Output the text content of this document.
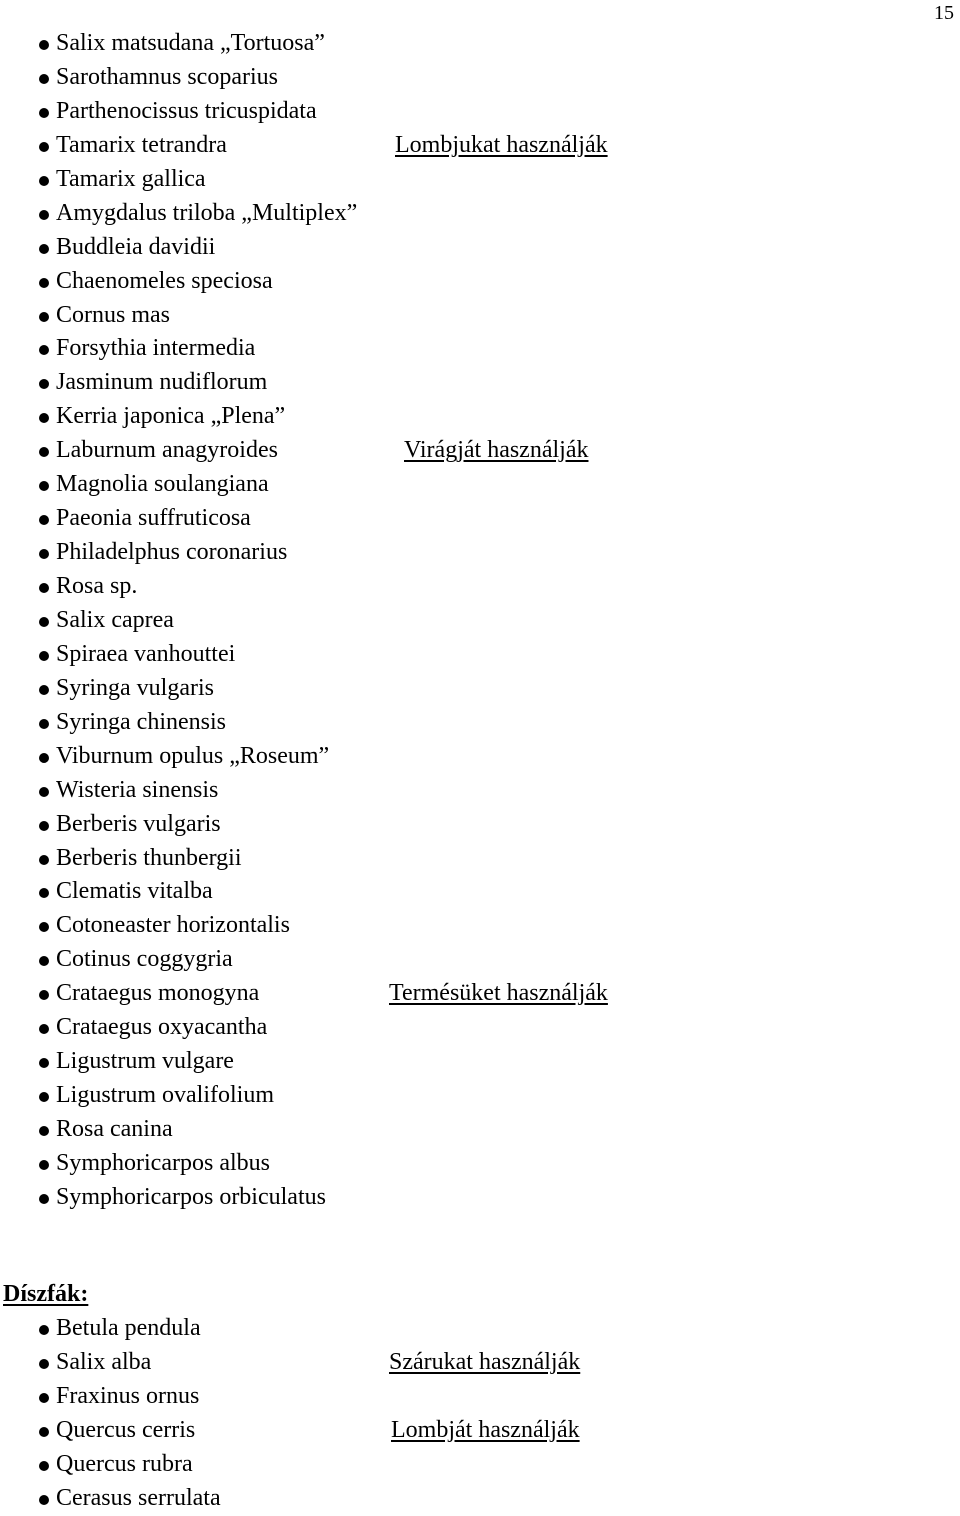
15
Salix matsudana „Tortuosa”
Sarothamnus scoparius
Parthenocissus tricuspidata
Tamarix tetrandra	Lombjukat használják
Tamarix gallica
Amygdalus triloba „Multiplex”
Buddleia davidii
Chaenomeles speciosa
Cornus mas
Forsythia intermedia
Jasminum nudiflorum
Kerria japonica „Plena”
Laburnum anagyroides	Virágját használják
Magnolia soulangiana
Paeonia suffruticosa
Philadelphus coronarius
Rosa sp.
Salix caprea
Spiraea vanhouttei
Syringa vulgaris
Syringa chinensis
Viburnum opulus „Roseum”
Wisteria sinensis
Berberis vulgaris
Berberis thunbergii
Clematis vitalba
Cotoneaster horizontalis
Cotinus coggygria
Crataegus monogyna	Termésüket használják
Crataegus oxyacantha
Ligustrum vulgare
Ligustrum ovalifolium
Rosa canina
Symphoricarpos albus
Symphoricarpos orbiculatus
Díszfák:
Betula pendula
Salix alba	Szárukat használják
Fraxinus ornus
Quercus cerris	Lombját használják
Quercus rubra
Cerasus serrulata
